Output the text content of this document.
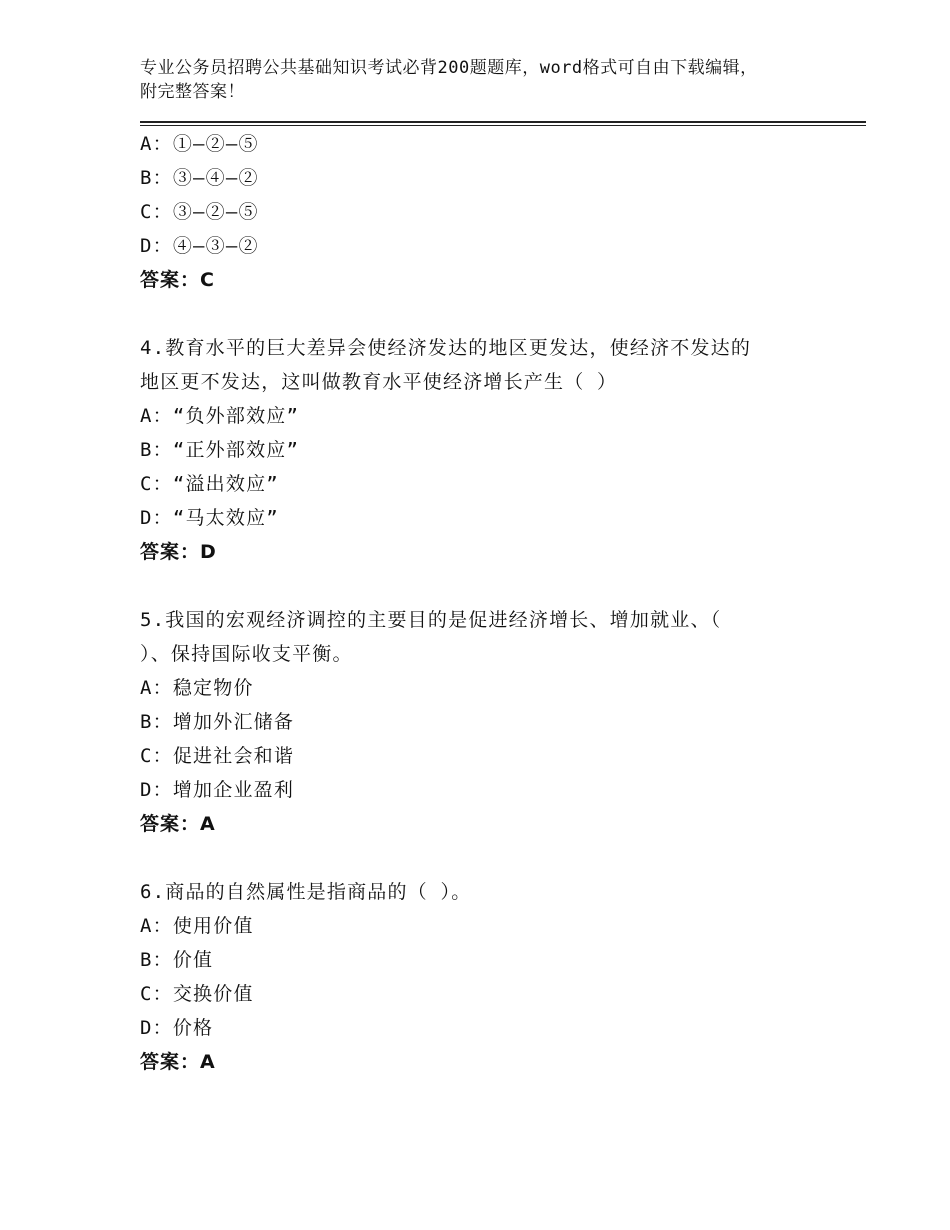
专业公务员招聘公共基础知识考试必背200题题库，word格式可自由下载编辑，
附完整答案！
A：①—②—⑤
B：③—④—②
C：③—②—⑤
D：④—③—②
答案：C
4.教育水平的巨大差异会使经济发达的地区更发达，使经济不发达的
地区更不发达，这叫做教育水平使经济增长产生（ ）
A：“负外部效应”
B：“正外部效应”
C：“溢出效应”
D：“马太效应”
答案：D
5.我国的宏观经济调控的主要目的是促进经济增长、增加就业、（
）、保持国际收支平衡。
A：稳定物价
B：增加外汇储备
C：促进社会和谐
D：增加企业盈利
答案：A
6.商品的自然属性是指商品的（ ）。
A：使用价值
B：价值
C：交换价值
D：价格
答案：A
